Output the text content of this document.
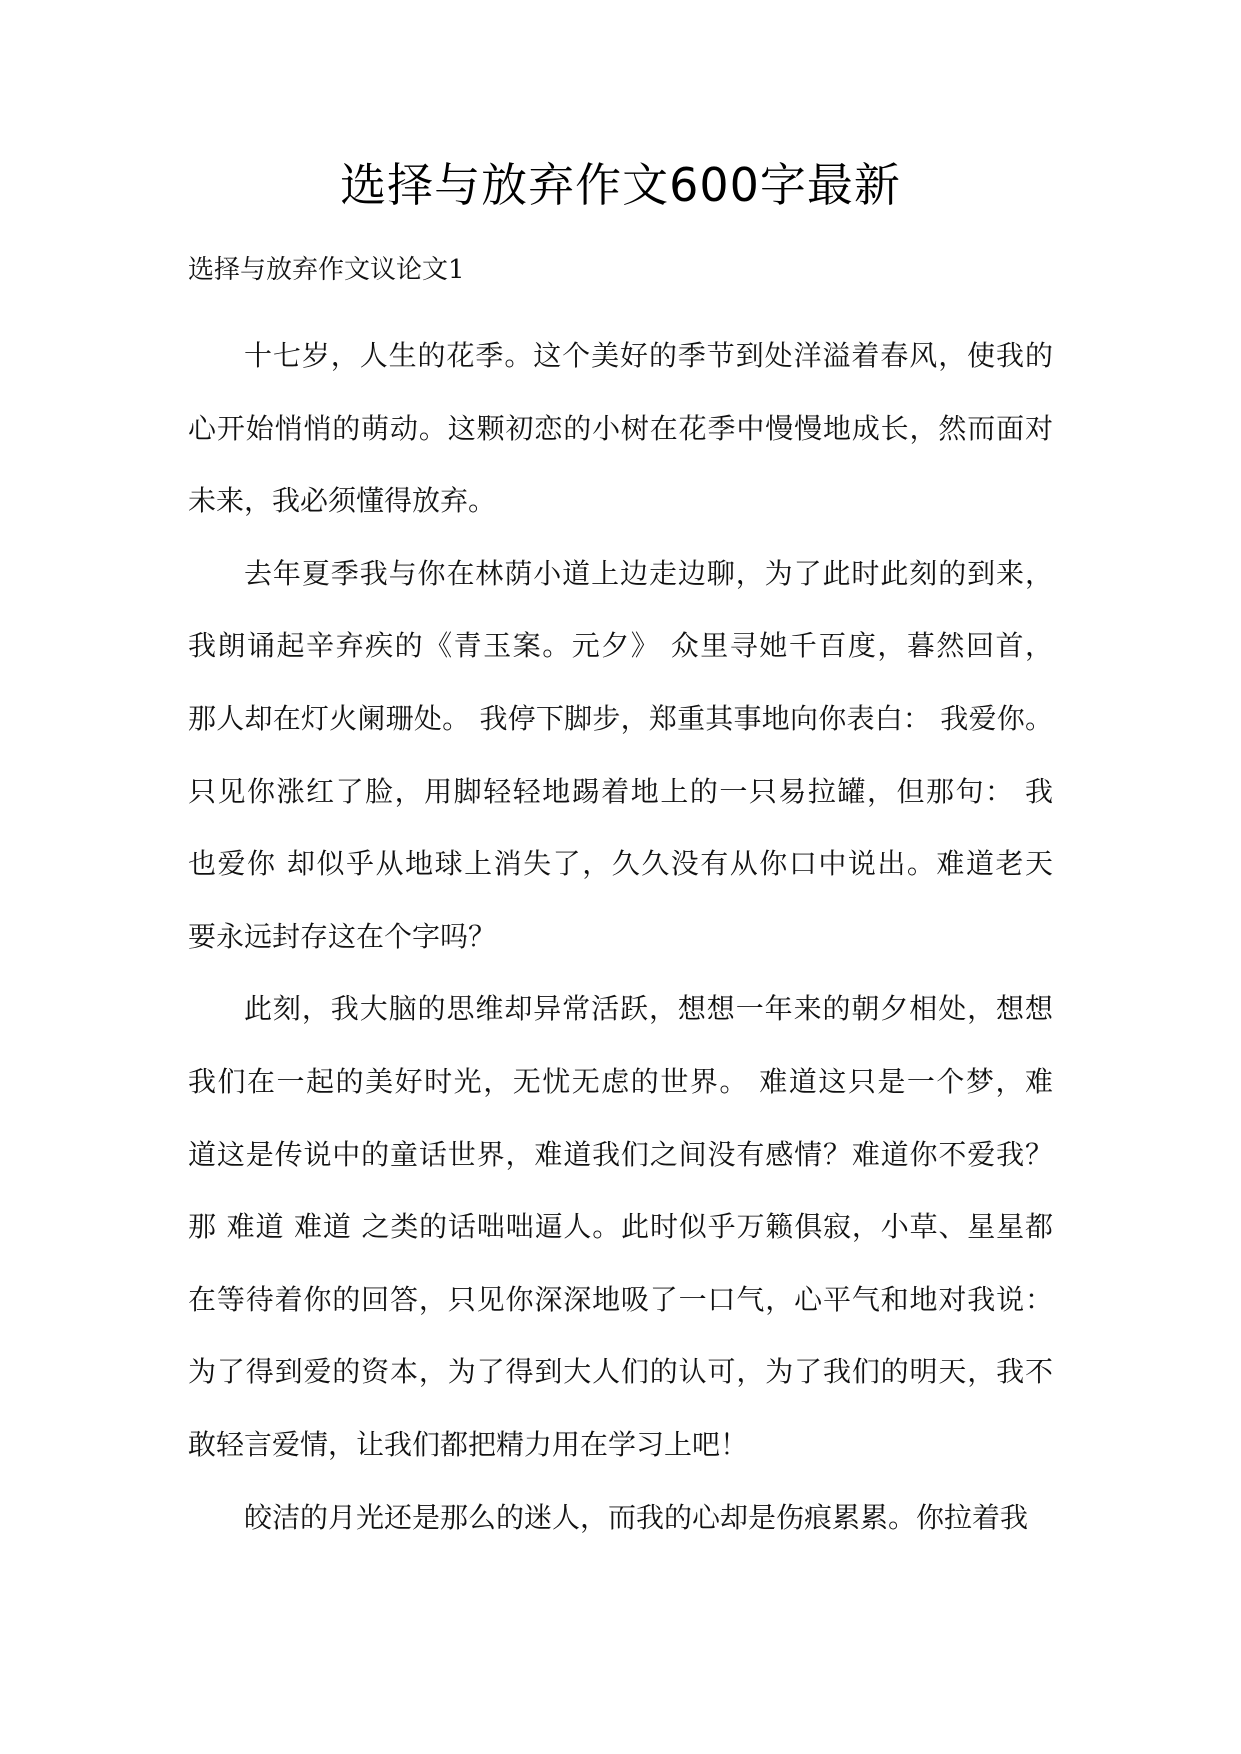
选择与放弃作文600字最新

选择与放弃作文议论文1

十七岁，人生的花季。这个美好的季节到处洋溢着春风，使我的
心开始悄悄的萌动。这颗初恋的小树在花季中慢慢地成长，然而面对
未来，我必须懂得放弃。
去年夏季我与你在林荫小道上边走边聊，为了此时此刻的到来，
我朗诵起辛弃疾的《青玉案。元夕》 众里寻她千百度，暮然回首，
那人却在灯火阑珊处。 我停下脚步，郑重其事地向你表白： 我爱你。
只见你涨红了脸，用脚轻轻地踢着地上的一只易拉罐，但那句： 我
也爱你 却似乎从地球上消失了，久久没有从你口中说出。难道老天
要永远封存这在个字吗？
此刻，我大脑的思维却异常活跃，想想一年来的朝夕相处，想想
我们在一起的美好时光，无忧无虑的世界。 难道这只是一个梦，难
道这是传说中的童话世界，难道我们之间没有感情？难道你不爱我？
那 难道 难道 之类的话咄咄逼人。此时似乎万籁俱寂，小草、星星都
在等待着你的回答，只见你深深地吸了一口气，心平气和地对我说：
为了得到爱的资本，为了得到大人们的认可，为了我们的明天，我不
敢轻言爱情，让我们都把精力用在学习上吧！
皎洁的月光还是那么的迷人，而我的心却是伤痕累累。你拉着我
